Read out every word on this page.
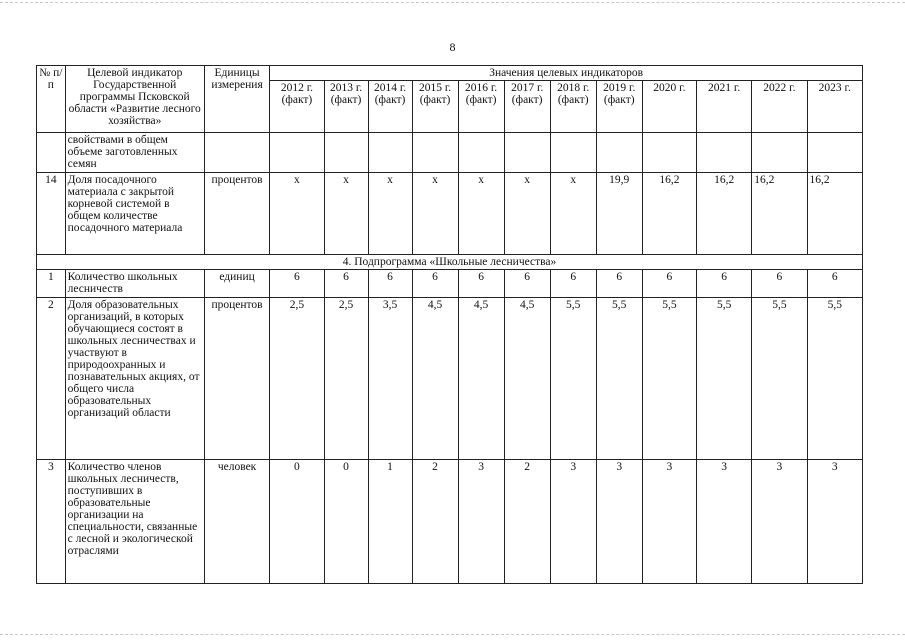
8
№ п/п	Целевой индикатор Государственной программы Псковской области «Развитие лесного хозяйства»	Единицы измерения	Значения целевых индикаторов											
			2012 г. (факт)	2013 г. (факт)	2014 г. (факт)	2015 г. (факт)	2016 г. (факт)	2017 г. (факт)	2018 г. (факт)	2019 г. (факт)	2020 г.	2021 г.	2022 г.	2023 г.
	свойствами в общем объеме заготовленных семян													
14	Доля посадочного материала с закрытой корневой системой в общем количестве посадочного материала	процентов	х	х	х	х	х	х	х	19,9	16,2	16,2	16,2	16,2
4. Подпрограмма «Школьные лесничества»														
1	Количество школьных лесничеств	единиц	6	6	6	6	6	6	6	6	6	6	6	6
2	Доля образовательных организаций, в которых обучающиеся состоят в школьных лесничествах и участвуют в природоохранных и познавательных акциях, от общего числа образовательных организаций области	процентов	2,5	2,5	3,5	4,5	4,5	4,5	5,5	5,5	5,5	5,5	5,5	5,5
3	Количество членов школьных лесничеств, поступивших в образовательные организации на специальности, связанные с лесной и экологической отраслями	человек	0	0	1	2	3	2	3	3	3	3	3	3
